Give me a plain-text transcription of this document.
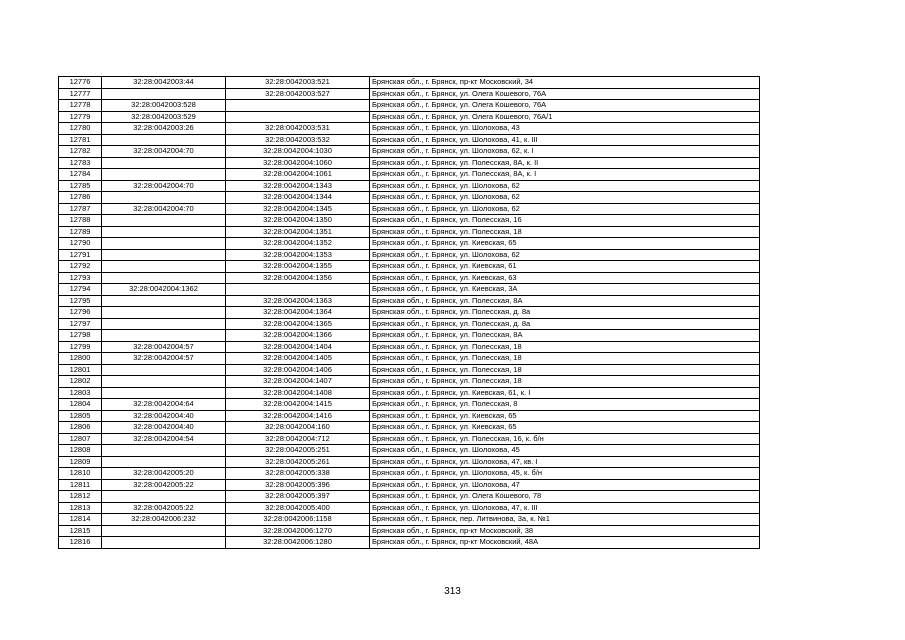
12776	32:28:0042003:44	32:28:0042003:521	Брянская обл., г. Брянск, пр-кт Московский, 34
12777		32:28:0042003:527	Брянская обл., г. Брянск, ул. Олега Кошевого, 76А
12778	32:28:0042003:528		Брянская обл., г. Брянск, ул. Олега Кошевого, 76А
12779	32:28:0042003:529		Брянская обл., г. Брянск, ул. Олега Кошевого, 76А/1
12780	32:28:0042003:26	32:28:0042003:531	Брянская обл., г. Брянск, ул. Шолохова, 43
12781		32:28:0042003:532	Брянская обл., г. Брянск, ул. Шолохова, 41, к. III
12782	32:28:0042004:70	32:28:0042004:1030	Брянская обл., г. Брянск, ул. Шолохова, 62, к. I
12783		32:28:0042004:1060	Брянская обл., г. Брянск, ул. Полесская, 8А, к. II
12784		32:28:0042004:1061	Брянская обл., г. Брянск, ул. Полесская, 8А, к. I
12785	32:28:0042004:70	32:28:0042004:1343	Брянская обл., г. Брянск, ул. Шолохова, 62
12786		32:28:0042004:1344	Брянская обл., г. Брянск, ул. Шолохова, 62
12787	32:28:0042004:70	32:28:0042004:1345	Брянская обл., г. Брянск, ул. Шолохова, 62
12788		32:28:0042004:1350	Брянская обл., г. Брянск, ул. Полесская, 16
12789		32:28:0042004:1351	Брянская обл., г. Брянск, ул. Полесская, 18
12790		32:28:0042004:1352	Брянская обл., г. Брянск, ул. Киевская, 65
12791		32:28:0042004:1353	Брянская обл., г. Брянск, ул. Шолохова, 62
12792		32:28:0042004:1355	Брянская обл., г. Брянск, ул. Киевская, 61
12793		32:28:0042004:1356	Брянская обл., г. Брянск, ул. Киевская, 63
12794	32:28:0042004:1362		Брянская обл., г. Брянск, ул. Киевская, 3А
12795		32:28:0042004:1363	Брянская обл., г. Брянск, ул. Полесская, 8А
12796		32:28:0042004:1364	Брянская обл., г. Брянск, ул. Полесская, д. 8а
12797		32:28:0042004:1365	Брянская обл., г. Брянск, ул. Полесская, д. 8а
12798		32:28:0042004:1366	Брянская обл., г. Брянск, ул. Полесская, 8А
12799	32:28:0042004:57	32:28:0042004:1404	Брянская обл., г. Брянск, ул. Полесская, 18
12800	32:28:0042004:57	32:28:0042004:1405	Брянская обл., г. Брянск, ул. Полесская, 18
12801		32:28:0042004:1406	Брянская обл., г. Брянск, ул. Полесская, 18
12802		32:28:0042004:1407	Брянская обл., г. Брянск, ул. Полесская, 18
12803		32:28:0042004:1408	Брянская обл., г. Брянск, ул. Киевская, 61, к. I
12804	32:28:0042004:64	32:28:0042004:1415	Брянская обл., г. Брянск, ул. Полесская, 8
12805	32:28:0042004:40	32:28:0042004:1416	Брянская обл., г. Брянск, ул. Киевская, 65
12806	32:28:0042004:40	32:28:0042004:160	Брянская обл., г. Брянск, ул. Киевская, 65
12807	32:28:0042004:54	32:28:0042004:712	Брянская обл., г. Брянск, ул. Полесская, 16, к. б/н
12808		32:28:0042005:251	Брянская обл., г. Брянск, ул. Шолохова, 45
12809		32:28:0042005:261	Брянская обл., г. Брянск, ул. Шолохова, 47, кв. I
12810	32:28:0042005:20	32:28:0042005:338	Брянская обл., г. Брянск, ул. Шолохова, 45, к. б/н
12811	32:28:0042005:22	32:28:0042005:396	Брянская обл., г. Брянск, ул. Шолохова, 47
12812		32:28:0042005:397	Брянская обл., г. Брянск, ул. Олега Кошевого, 78
12813	32:28:0042005:22	32:28:0042005:400	Брянская обл., г. Брянск, ул. Шолохова, 47, к. III
12814	32:28:0042006:232	32:28:0042006:1158	Брянская обл., г. Брянск, пер. Литвинова, 3а, к. №1
12815		32:28:0042006:1270	Брянская обл., г. Брянск, пр-кт Московский, 38
12816		32:28:0042006:1280	Брянская обл., г. Брянск, пр-кт Московский, 48А
313
